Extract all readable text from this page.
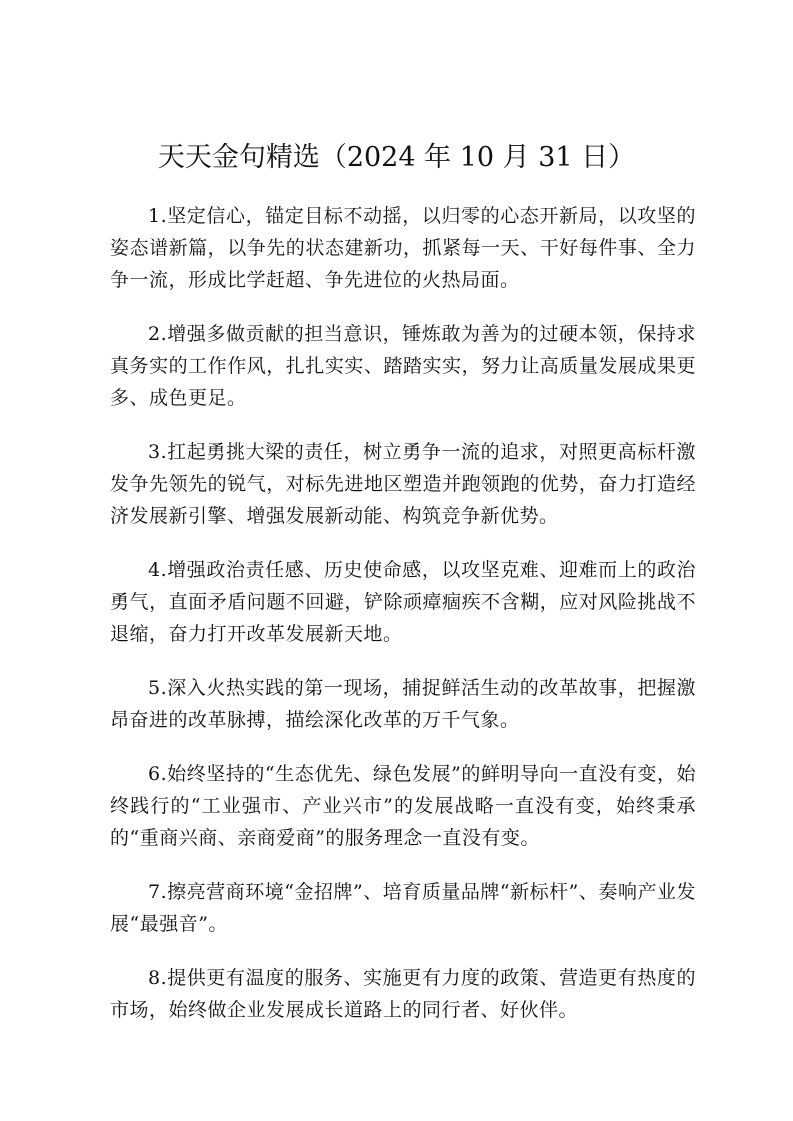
天天金句精选（2024 年 10 月 31 日）

1.坚定信心，锚定目标不动摇，以归零的心态开新局，以攻坚的姿态谱新篇，以争先的状态建新功，抓紧每一天、干好每件事、全力争一流，形成比学赶超、争先进位的火热局面。

2.增强多做贡献的担当意识，锤炼敢为善为的过硬本领，保持求真务实的工作作风，扎扎实实、踏踏实实，努力让高质量发展成果更多、成色更足。

3.扛起勇挑大梁的责任，树立勇争一流的追求，对照更高标杆激发争先领先的锐气，对标先进地区塑造并跑领跑的优势，奋力打造经济发展新引擎、增强发展新动能、构筑竞争新优势。

4.增强政治责任感、历史使命感，以攻坚克难、迎难而上的政治勇气，直面矛盾问题不回避，铲除顽瘴痼疾不含糊，应对风险挑战不退缩，奋力打开改革发展新天地。

5.深入火热实践的第一现场，捕捉鲜活生动的改革故事，把握激昂奋进的改革脉搏，描绘深化改革的万千气象。

6.始终坚持的“生态优先、绿色发展”的鲜明导向一直没有变，始终践行的“工业强市、产业兴市”的发展战略一直没有变，始终秉承的“重商兴商、亲商爱商”的服务理念一直没有变。

7.擦亮营商环境“金招牌”、培育质量品牌“新标杆”、奏响产业发展“最强音”。

8.提供更有温度的服务、实施更有力度的政策、营造更有热度的市场，始终做企业发展成长道路上的同行者、好伙伴。
